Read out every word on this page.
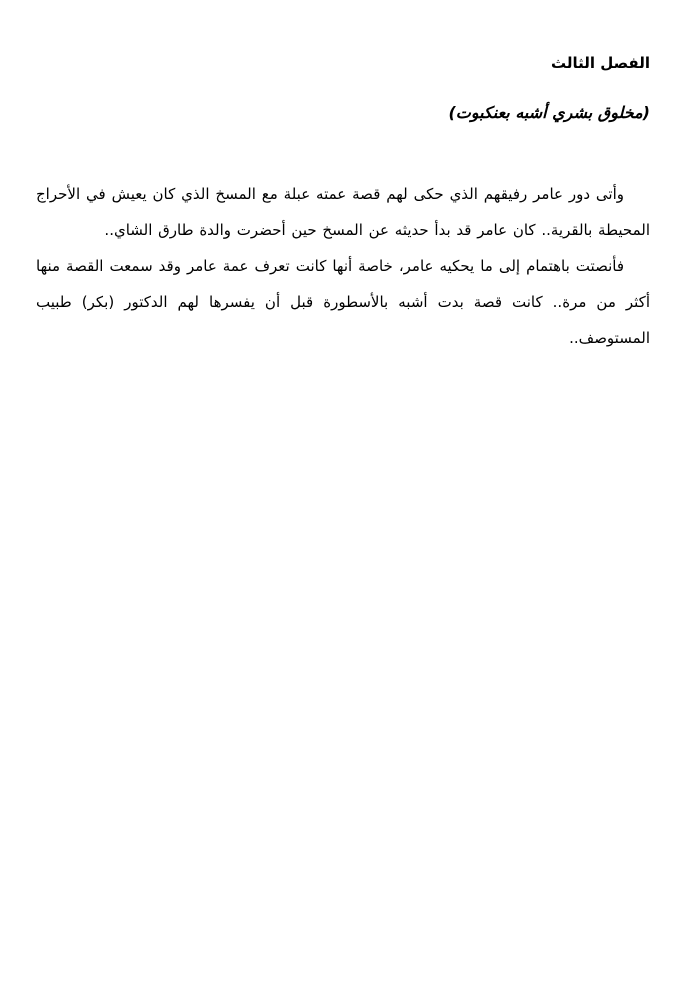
الفصل الثالث
(مخلوق بشري أشبه بعنكبوت)

وأتى دور عامر رفيقهم الذي حكى لهم قصة عمته عبلة مع المسخ الذي كان يعيش في الأحراج المحيطة بالقرية.. كان عامر قد بدأ حديثه عن المسخ حين أحضرت والدة طارق الشاي..

فأنصتت باهتمام إلى ما يحكيه عامر، خاصة أنها كانت تعرف عمة عامر وقد سمعت القصة منها أكثر من مرة.. كانت قصة بدت أشبه بالأسطورة قبل أن يفسرها لهم الدكتور (بكر) طبيب المستوصف..
